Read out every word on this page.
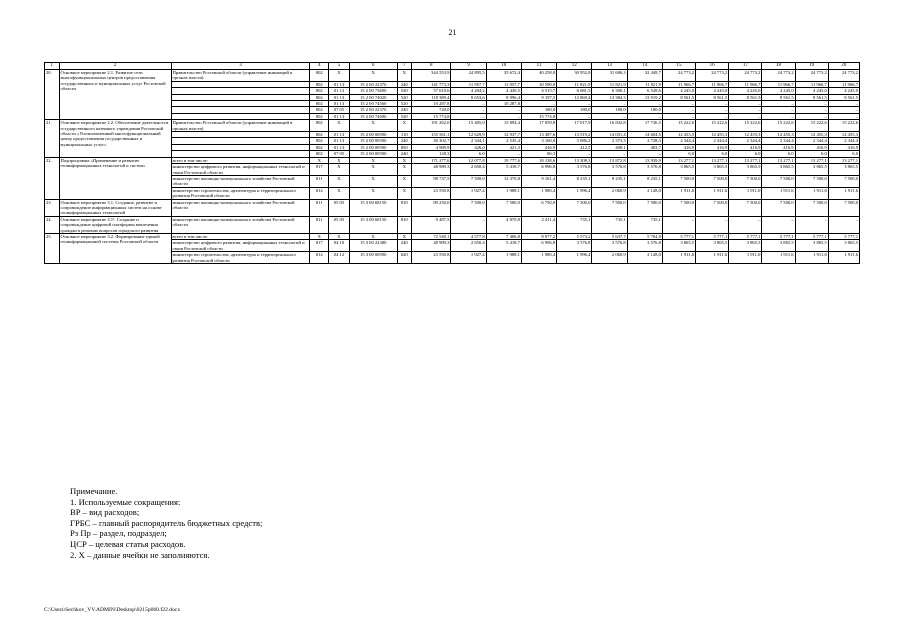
21
1	2	3	4	5	6	7	8	9	10	11	12	13	14	15	16	17	18	19	20
20.	Основное мероприятие 2.1. Развитие сети многофункциональных центров предоставления государственных и муниципальных услуг Ростовской области	Правительство Ростовской области (управление инноваций в органах власти)	802	X	X	X	344 553,9	24 895,5	35 672,4	40 258,0	30 952,8	31 686,3	32 449,7	24 773,2	24 773,2	24 773,2	24 773,2	24 773,2	24 773,2
			802	01 13	15 2 00 22370	240	141 773,3	11 957,7	11 957,7	10 590,0	11 821,9	11 821,9	11 821,9	11 966,7	11 966,7	11 966,7	11 966,7	11 966,7	11 966,7
			802	01 13	15 2 00 73600	520	57 610,6	4 284,2	4 430,5	4 515,7	6 081,5	6 300,1	6 528,6	4 245,0	4 245,0	4 245,0	4 245,0	4 245,0	4 245,0
			802	01 13	15 2 00 74020	520	118 389,4	8 653,6	8 996,4	9 197,5	12 869,4	13 384,3	13 919,2	8 561,5	8 561,5	8 561,5	8 561,5	8 561,5	8 561,5
			802	01 13	15 2 00 74560	520	10 287,8	–	10 287,8	–	–	–	–	–	–	–	–	–	–
			802	07 05	15 2 00 22370	240	720,0	–	–	180,0	180,0	180,0	180,0	–	–	–	–	–	–
			802	01 13	15 2 00 74690	520	15 774,8	–	–	15 774,8	–	–	–	–	–	–	–	–	–
21.	Основное мероприятие 2.2. Обеспечение деятельности государственного казенного учреждения Ростовской области «Уполномоченный многофункциональный центр предоставления государственных и муниципальных услуг»	Правительство Ростовской области (управление инноваций в органах власти)	802	X	X	X	191 262,0	15 405,0	15 894,4	17 059,8	17 017,9	16 832,8	17 736,5	15 222,6	15 222,6	15 222,6	15 222,6	15 222,6	15 222,6
			802	01 13	15 2 00 00590	110	155 561,1	12 629,9	12 937,7	13 387,6	13 519,2	14 051,4	14 604,5	12 455,3	12 455,3	12 455,3	12 455,3	12 455,3	12 455,3
			802	01 13	15 2 00 00590	240	30 302,7	2 344,1	2 535,4	3 160,0	3 086,2	2 373,3	2 728,3	2 344,4	2 344,4	2 344,4	2 344,4	2 344,4	2 344,4
			802	01 13	15 2 00 00590	850	4 989,9	426,0	421,3	416,9	412,5	408,1	403,7	416,9	416,9	416,9	416,9	416,9	416,9
			802	07 05	15 2 00 00590	240	128,3	6,0	–	86,3	–	–	–	6,0	6,0	6,0	6,0	6,0	6,0
22.	Подпрограмма «Применение и развитие геоинформационных технологий и систем»	всего в том числе:	X	X	X	X	171 277,6	12 077,8	19 777,6	18 138,6	13 308,3	13 872,8	13 939,9	13 277,1	13 277,1	13 277,1	13 277,1	13 277,1	13 277,1
		министерство цифрового развития, информационных технологий и связи Ростовской области	817	X	X	X	48 989,3	2 650,4	5 418,7	6 996,8	3 576,8	3 576,8	3 576,8	3 865,5	3 865,5	3 865,5	3 865,5	3 865,5	3 865,5
		министерство жилищно-коммунального хозяйства Ростовской области	811	X	X	X	98 737,5	7 500,0	12 370,8	9 161,4	8 235,1	8 235,1	8 235,1	7 500,0	7 500,0	7 500,0	7 500,0	7 500,0	7 500,0
		министерство строительства, архитектуры и территориального развития Ростовской области	812	X	X	X	23 550,8	1 927,4	1 988,1	1 980,4	1 996,4	2 060,9	2 128,0	1 911,6	1 911,6	1 911,6	1 911,6	1 911,6	1 911,6
23.	Основное мероприятие 3.1. Создание, развитие и сопровождение информационных систем на основе геоинформационных технологий	министерство жилищно-коммунального хозяйства Ростовской области	811	05 05	15 3 00 68150	810	89 250,0	7 500,0	7 500,0	6 750,0	7 500,0	7 500,0	7 500,0	7 500,0	7 500,0	7 500,0	7 500,0	7 500,0	7 500,0
24.	Основное мероприятие 3.1¹. Создание и сопровождение цифровой платформы вовлечения граждан в решение вопросов городского развития	министерство жилищно-коммунального хозяйства Ростовской области	811	05 05	15 3 00 68150	810	9 487,5	–	4 870,8	2 411,4	735,1	735,1	735,1	–	–	–	–	–	–
25.	Основное мероприятие 3.2. Формирование единой геоинформационной системы Ростовской области	всего в том числе:	X	X	X	X	72 540,1	4 577,8	7 406,8	8 977,2	5 573,2	5 637,7	5 704,8	5 777,1	5 777,1	5 777,1	5 777,1	5 777,1	5 777,1
		министерство цифрового развития, информационных технологий и связи Ростовской области	817	04 10	15 3 00 22380	240	48 989,3	2 650,4	5 418,7	6 996,8	3 576,8	3 576,8	3 576,8	3 865,5	3 865,5	3 865,5	3 865,5	3 865,5	3 865,5
		министерство строительства, архитектуры и территориального развития Ростовской области	812	04 12	15 3 00 00590	620	23 550,8	1 927,4	1 988,1	1 980,4	1 996,4	2 060,9	2 128,0	1 911,6	1 911,6	1 911,6	1 911,6	1 911,6	1 911,6
Примечание.
1. Используемые сокращения:
ВР – вид расходов;
ГРБС – главный распорядитель бюджетных средств;
Рз Пр – раздел, подраздел;
ЦСР – целевая статья расходов.
2. Х – данные ячейки не заполняются.
C:\Users\Sechkov_VV.ADMIN\Desktop\0215p060.f22.docx
